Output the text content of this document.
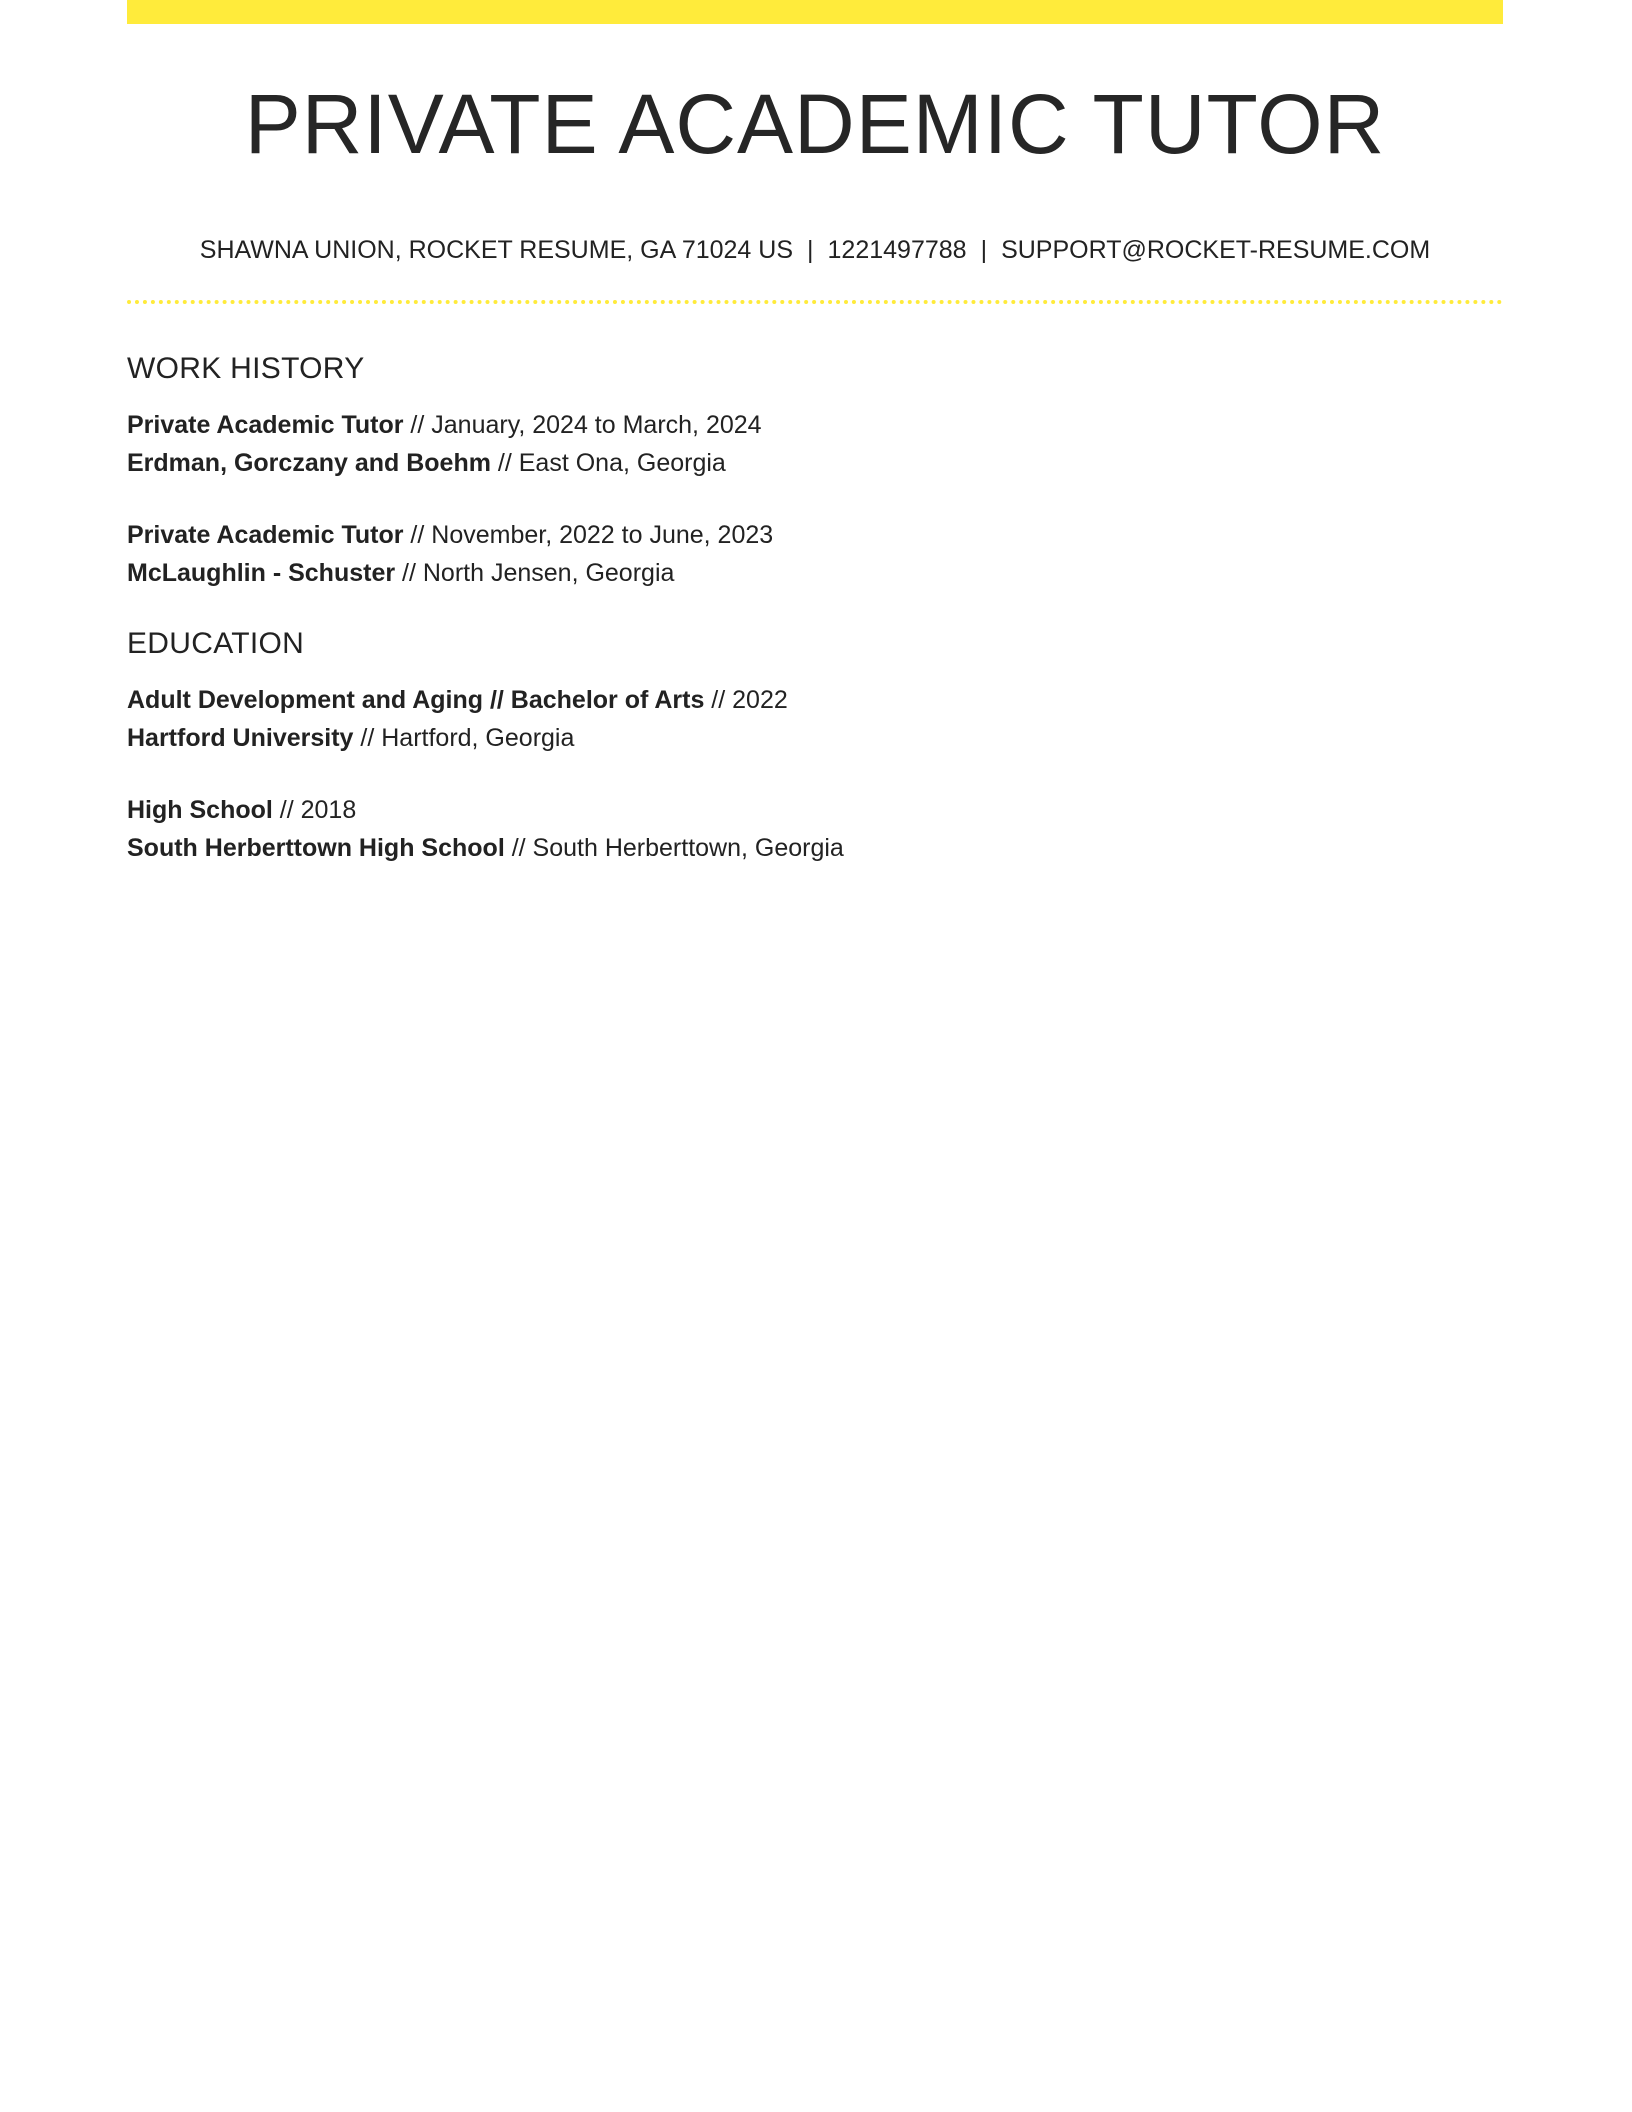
PRIVATE ACADEMIC TUTOR
SHAWNA UNION, ROCKET RESUME, GA 71024 US | 1221497788 | SUPPORT@ROCKET-RESUME.COM
WORK HISTORY
Private Academic Tutor // January, 2024 to March, 2024
Erdman, Gorczany and Boehm // East Ona, Georgia
Private Academic Tutor // November, 2022 to June, 2023
McLaughlin - Schuster // North Jensen, Georgia
EDUCATION
Adult Development and Aging // Bachelor of Arts // 2022
Hartford University // Hartford, Georgia
High School // 2018
South Herberttown High School // South Herberttown, Georgia
